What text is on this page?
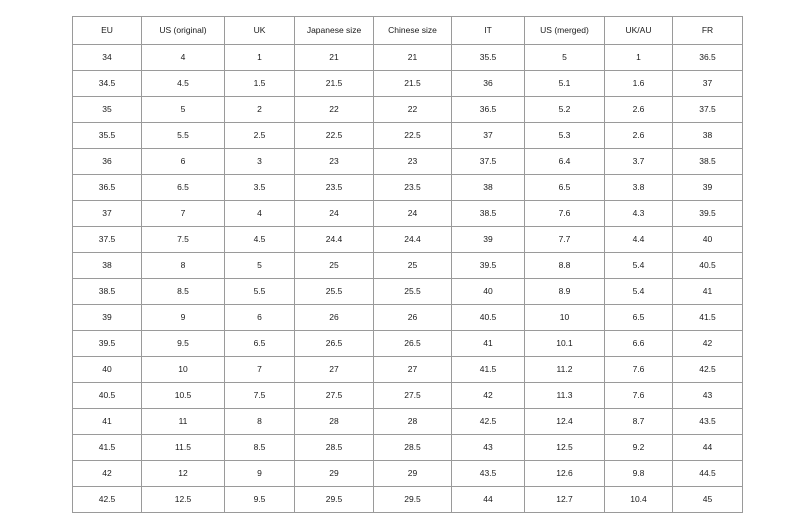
EU	US (original)	UK	Japanese size	Chinese size	IT	US (merged)	UK/AU	FR
34	4	1	21	21	35.5	5	1	36.5
34.5	4.5	1.5	21.5	21.5	36	5.1	1.6	37
35	5	2	22	22	36.5	5.2	2.6	37.5
35.5	5.5	2.5	22.5	22.5	37	5.3	2.6	38
36	6	3	23	23	37.5	6.4	3.7	38.5
36.5	6.5	3.5	23.5	23.5	38	6.5	3.8	39
37	7	4	24	24	38.5	7.6	4.3	39.5
37.5	7.5	4.5	24.4	24.4	39	7.7	4.4	40
38	8	5	25	25	39.5	8.8	5.4	40.5
38.5	8.5	5.5	25.5	25.5	40	8.9	5.4	41
39	9	6	26	26	40.5	10	6.5	41.5
39.5	9.5	6.5	26.5	26.5	41	10.1	6.6	42
40	10	7	27	27	41.5	11.2	7.6	42.5
40.5	10.5	7.5	27.5	27.5	42	11.3	7.6	43
41	11	8	28	28	42.5	12.4	8.7	43.5
41.5	11.5	8.5	28.5	28.5	43	12.5	9.2	44
42	12	9	29	29	43.5	12.6	9.8	44.5
42.5	12.5	9.5	29.5	29.5	44	12.7	10.4	45
